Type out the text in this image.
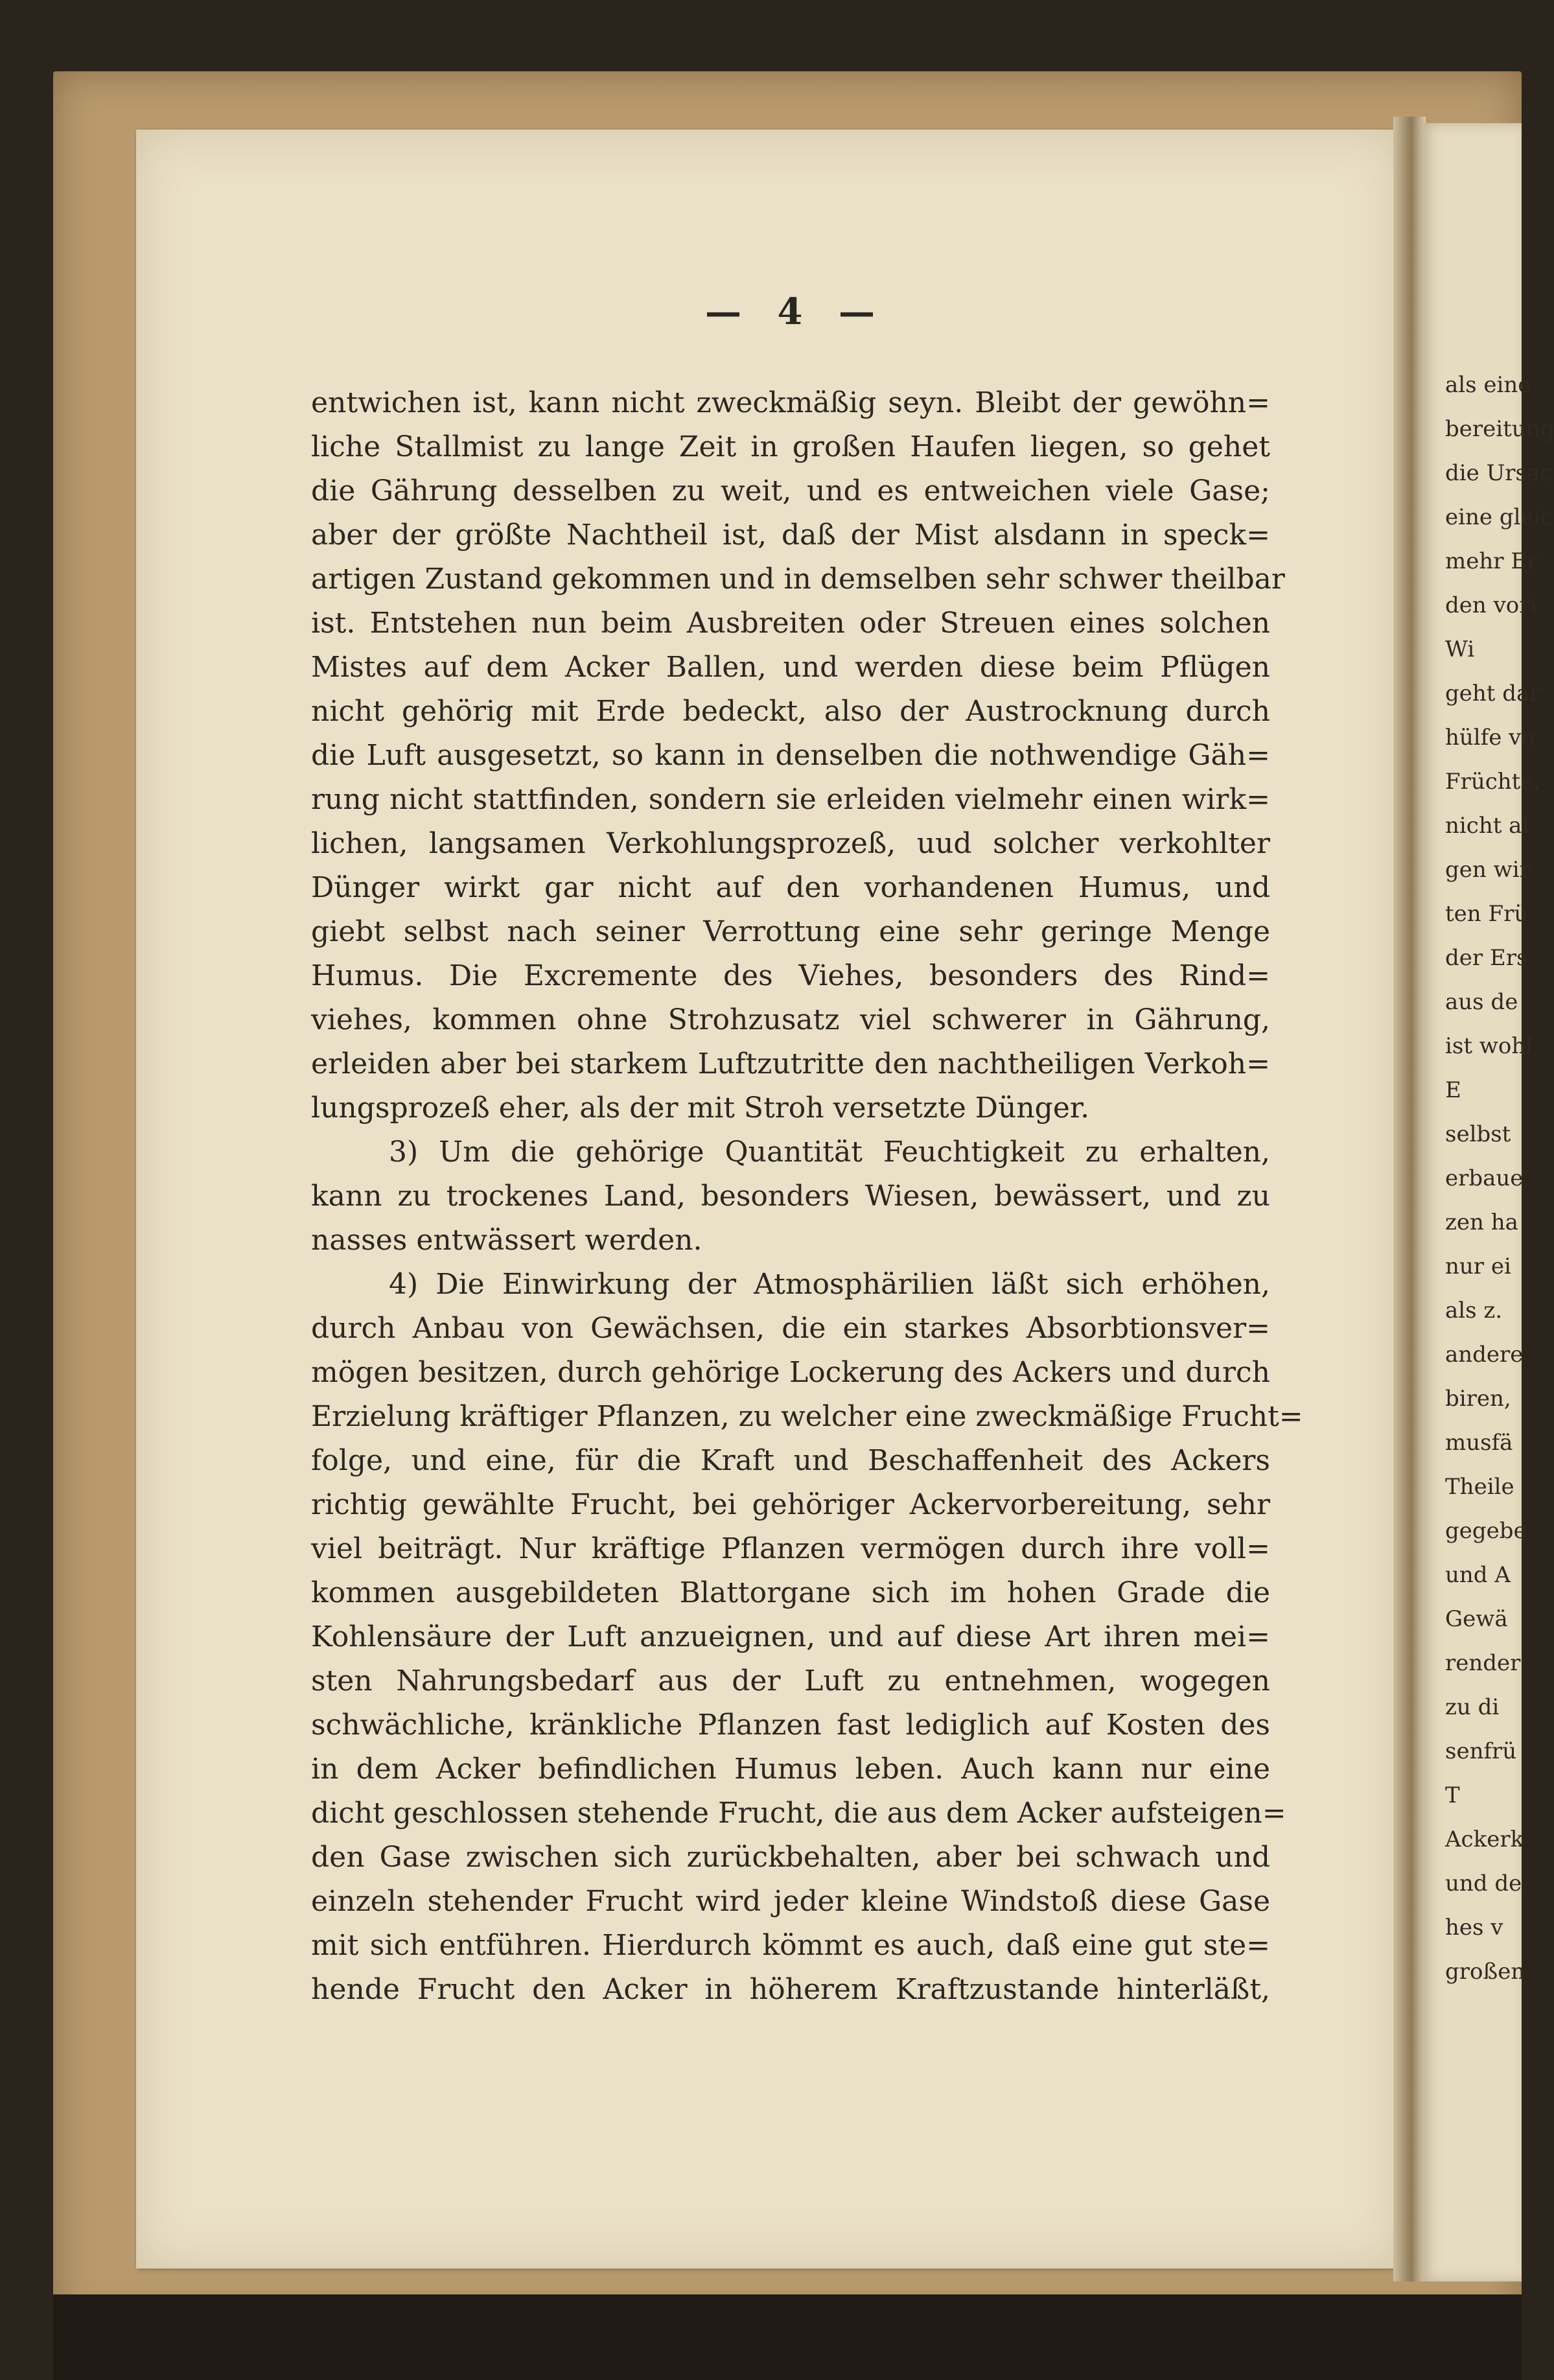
— 4 —
entwichen ist, kann nicht zweckmäßig seyn. Bleibt der gewöhn=
liche Stallmist zu lange Zeit in großen Haufen liegen, so gehet
die Gährung desselben zu weit, und es entweichen viele Gase;
aber der größte Nachtheil ist, daß der Mist alsdann in speck=
artigen Zustand gekommen und in demselben sehr schwer theilbar
ist. Entstehen nun beim Ausbreiten oder Streuen eines solchen
Mistes auf dem Acker Ballen, und werden diese beim Pflügen
nicht gehörig mit Erde bedeckt, also der Austrocknung durch
die Luft ausgesetzt, so kann in denselben die nothwendige Gäh=
rung nicht stattfinden, sondern sie erleiden vielmehr einen wirk=
lichen, langsamen Verkohlungsprozeß, uud solcher verkohlter
Dünger wirkt gar nicht auf den vorhandenen Humus, und
giebt selbst nach seiner Verrottung eine sehr geringe Menge
Humus. Die Excremente des Viehes, besonders des Rind=
viehes, kommen ohne Strohzusatz viel schwerer in Gährung,
erleiden aber bei starkem Luftzutritte den nachtheiligen Verkoh=
lungsprozeß eher, als der mit Stroh versetzte Dünger.
3) Um die gehörige Quantität Feuchtigkeit zu erhalten,
kann zu trockenes Land, besonders Wiesen, bewässert, und zu
nasses entwässert werden.
4) Die Einwirkung der Atmosphärilien läßt sich erhöhen,
durch Anbau von Gewächsen, die ein starkes Absorbtionsver=
mögen besitzen, durch gehörige Lockerung des Ackers und durch
Erzielung kräftiger Pflanzen, zu welcher eine zweckmäßige Frucht=
folge, und eine, für die Kraft und Beschaffenheit des Ackers
richtig gewählte Frucht, bei gehöriger Ackervorbereitung, sehr
viel beiträgt. Nur kräftige Pflanzen vermögen durch ihre voll=
kommen ausgebildeten Blattorgane sich im hohen Grade die
Kohlensäure der Luft anzueignen, und auf diese Art ihren mei=
sten Nahrungsbedarf aus der Luft zu entnehmen, wogegen
schwächliche, kränkliche Pflanzen fast lediglich auf Kosten des
in dem Acker befindlichen Humus leben. Auch kann nur eine
dicht geschlossen stehende Frucht, die aus dem Acker aufsteigen=
den Gase zwischen sich zurückbehalten, aber bei schwach und
einzeln stehender Frucht wird jeder kleine Windstoß diese Gase
mit sich entführen. Hierdurch kömmt es auch, daß eine gut ste=
hende Frucht den Acker in höherem Kraftzustande hinterläßt,
als eine
bereitung
die Ursac
eine gleic
mehr Er
den vori
Wi
geht dar
hülfe vo
Früchte,
nicht al
gen wir
ten Frü
der Ers
aus de
ist wohl
E
selbst
erbaue
zen ha
nur ei
als z.
andere
biren,
musfä
Theile
gegebe
und A
Gewä
render
zu di
senfrü
T
Ackerk
und de
hes v
großen
